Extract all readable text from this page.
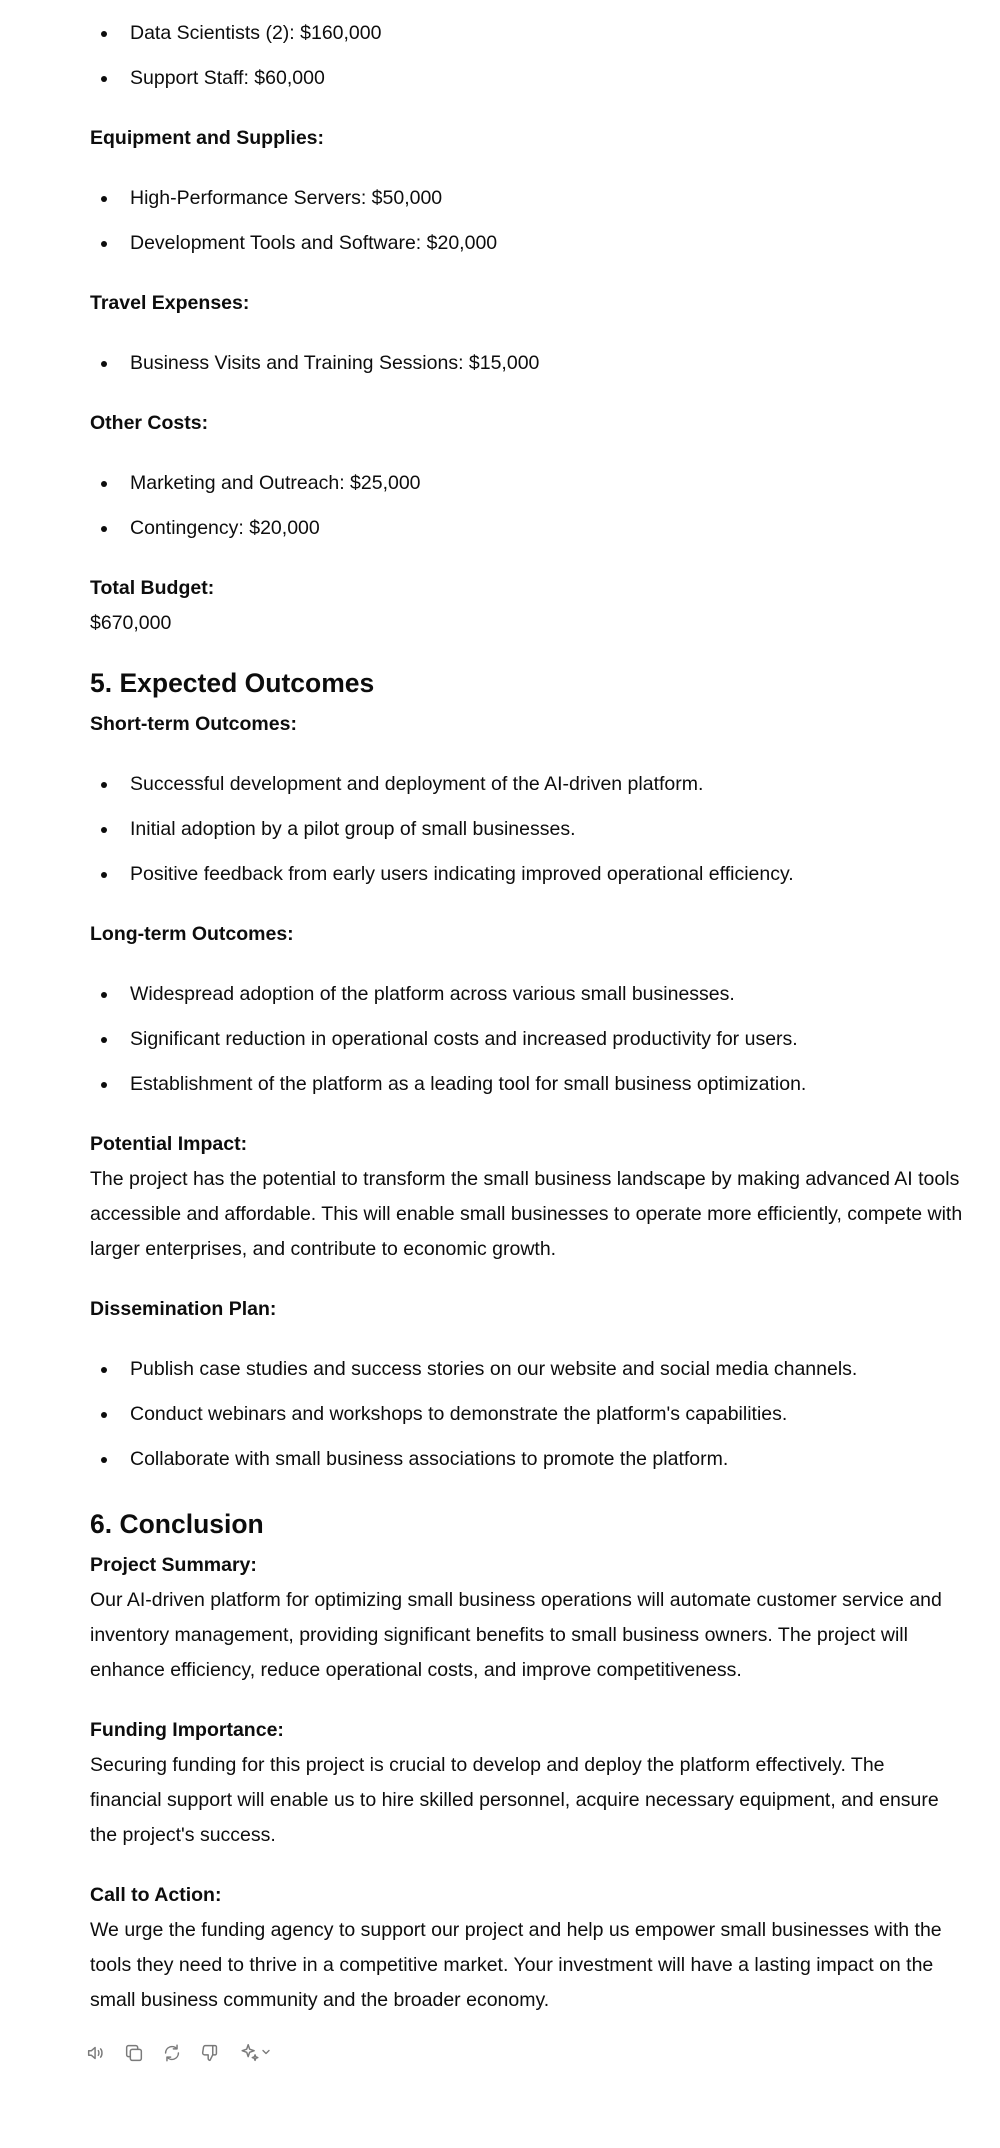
Data Scientists (2): $160,000
Support Staff: $60,000
Equipment and Supplies:
High-Performance Servers: $50,000
Development Tools and Software: $20,000
Travel Expenses:
Business Visits and Training Sessions: $15,000
Other Costs:
Marketing and Outreach: $25,000
Contingency: $20,000
Total Budget:
$670,000
5. Expected Outcomes
Short-term Outcomes:
Successful development and deployment of the AI-driven platform.
Initial adoption by a pilot group of small businesses.
Positive feedback from early users indicating improved operational efficiency.
Long-term Outcomes:
Widespread adoption of the platform across various small businesses.
Significant reduction in operational costs and increased productivity for users.
Establishment of the platform as a leading tool for small business optimization.
Potential Impact:
The project has the potential to transform the small business landscape by making advanced AI tools
accessible and affordable. This will enable small businesses to operate more efficiently, compete with
larger enterprises, and contribute to economic growth.
Dissemination Plan:
Publish case studies and success stories on our website and social media channels.
Conduct webinars and workshops to demonstrate the platform's capabilities.
Collaborate with small business associations to promote the platform.
6. Conclusion
Project Summary:
Our AI-driven platform for optimizing small business operations will automate customer service and
inventory management, providing significant benefits to small business owners. The project will
enhance efficiency, reduce operational costs, and improve competitiveness.
Funding Importance:
Securing funding for this project is crucial to develop and deploy the platform effectively. The
financial support will enable us to hire skilled personnel, acquire necessary equipment, and ensure
the project's success.
Call to Action:
We urge the funding agency to support our project and help us empower small businesses with the
tools they need to thrive in a competitive market. Your investment will have a lasting impact on the
small business community and the broader economy.
